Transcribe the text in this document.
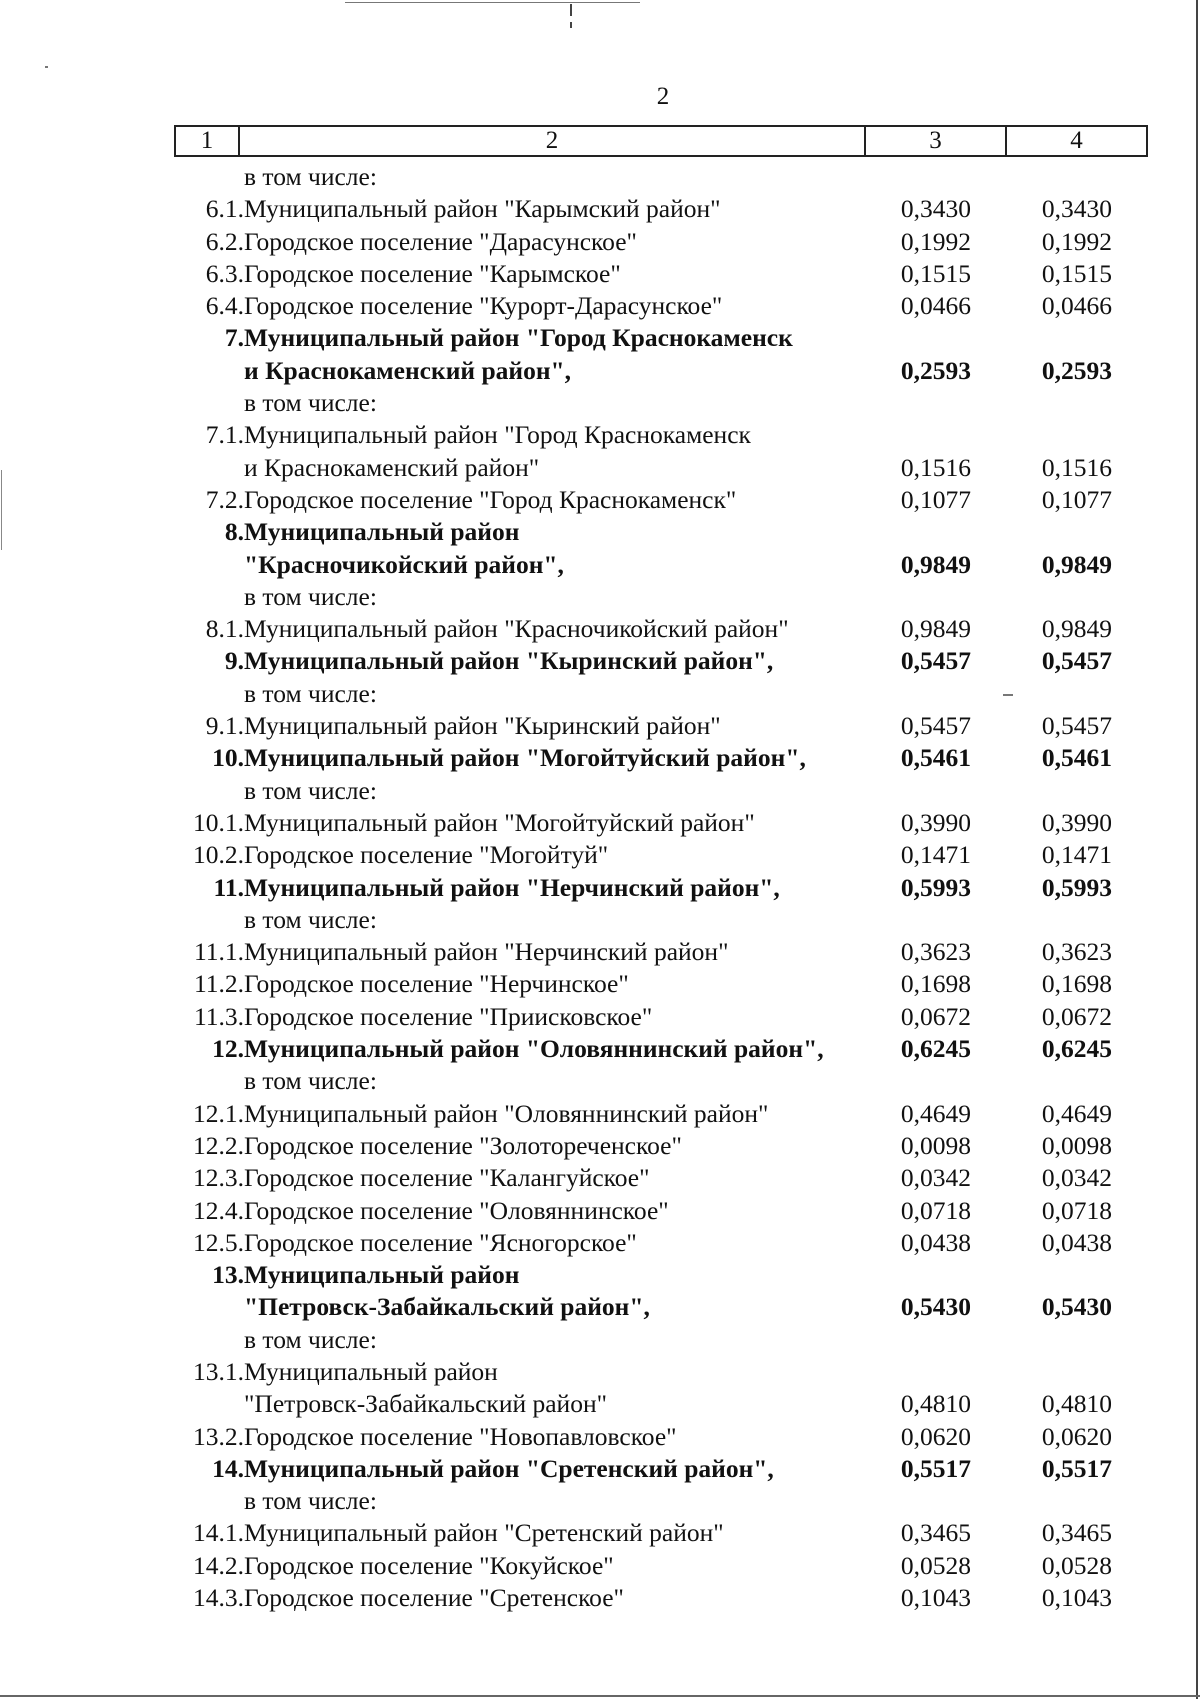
2
1	2	3	4
в том числе:
6.1. Муниципальный район "Карымский район"	0,3430	0,3430
6.2. Городское поселение "Дарасунское"	0,1992	0,1992
6.3. Городское поселение "Карымское"	0,1515	0,1515
6.4. Городское поселение "Курорт-Дарасунское"	0,0466	0,0466
7. Муниципальный район "Город Краснокаменск
и Краснокаменский район",	0,2593	0,2593
в том числе:
7.1. Муниципальный район "Город Краснокаменск
и Краснокаменский район"	0,1516	0,1516
7.2. Городское поселение "Город Краснокаменск"	0,1077	0,1077
8. Муниципальный район
"Красночикойский район",	0,9849	0,9849
в том числе:
8.1. Муниципальный район "Красночикойский район"	0,9849	0,9849
9. Муниципальный район "Кыринский район",	0,5457	0,5457
в том числе:
9.1. Муниципальный район "Кыринский район"	0,5457	0,5457
10. Муниципальный район "Могойтуйский район",	0,5461	0,5461
в том числе:
10.1. Муниципальный район "Могойтуйский район"	0,3990	0,3990
10.2. Городское поселение "Могойтуй"	0,1471	0,1471
11. Муниципальный район "Нерчинский район",	0,5993	0,5993
в том числе:
11.1. Муниципальный район "Нерчинский район"	0,3623	0,3623
11.2. Городское поселение "Нерчинское"	0,1698	0,1698
11.3. Городское поселение "Приисковское"	0,0672	0,0672
12. Муниципальный район "Оловяннинский район",	0,6245	0,6245
в том числе:
12.1. Муниципальный район "Оловяннинский район"	0,4649	0,4649
12.2. Городское поселение "Золотореченское"	0,0098	0,0098
12.3. Городское поселение "Калангуйское"	0,0342	0,0342
12.4. Городское поселение "Оловяннинское"	0,0718	0,0718
12.5. Городское поселение "Ясногорское"	0,0438	0,0438
13. Муниципальный район
"Петровск-Забайкальский район",	0,5430	0,5430
в том числе:
13.1. Муниципальный район
"Петровск-Забайкальский район"	0,4810	0,4810
13.2. Городское поселение "Новопавловское"	0,0620	0,0620
14. Муниципальный район "Сретенский район",	0,5517	0,5517
в том числе:
14.1. Муниципальный район "Сретенский район"	0,3465	0,3465
14.2. Городское поселение "Кокуйское"	0,0528	0,0528
14.3. Городское поселение "Сретенское"	0,1043	0,1043
